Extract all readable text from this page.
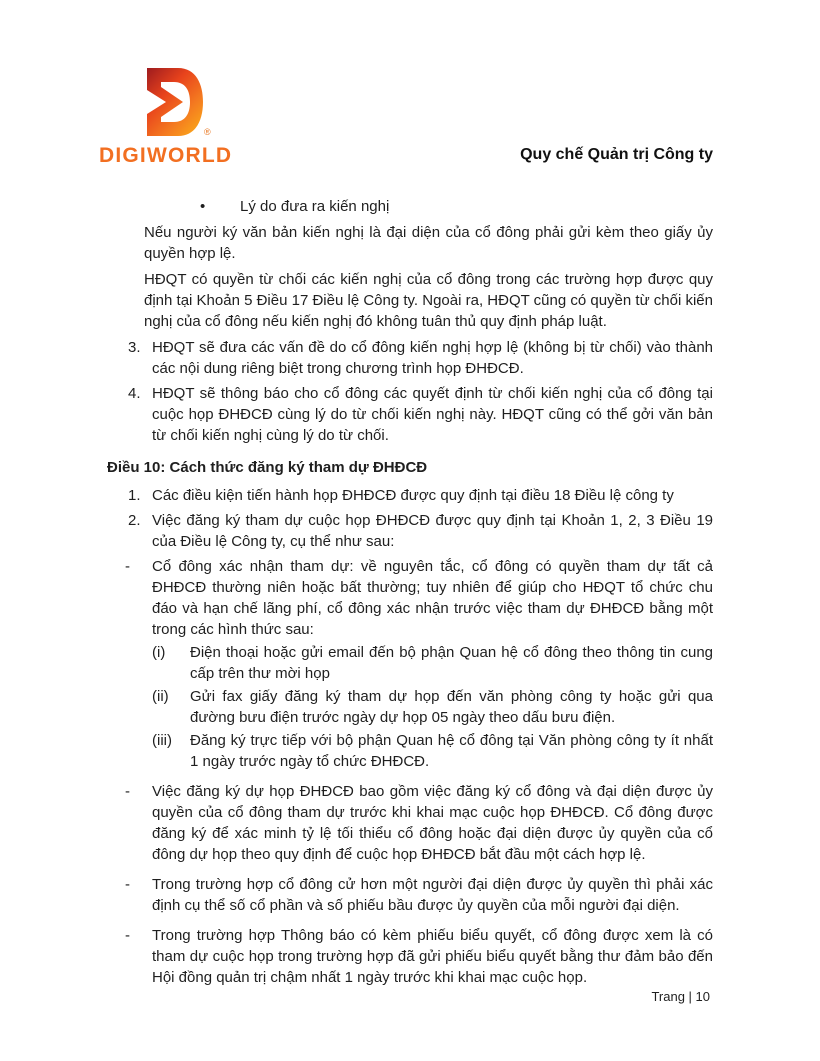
®
DIGIWORLD	Quy chế Quản trị Công ty
• Lý do đưa ra kiến nghị

Nếu người ký văn bản kiến nghị là đại diện của cổ đông phải gửi kèm theo giấy ủy quyền hợp lệ.

HĐQT có quyền từ chối các kiến nghị của cổ đông trong các trường hợp được quy định tại Khoản 5 Điều 17 Điều lệ Công ty. Ngoài ra, HĐQT cũng có quyền từ chối kiến nghị của cổ đông nếu kiến nghị đó không tuân thủ quy định pháp luật.

3. HĐQT sẽ đưa các vấn đề do cổ đông kiến nghị hợp lệ (không bị từ chối) vào thành các nội dung riêng biệt trong chương trình họp ĐHĐCĐ.
4. HĐQT sẽ thông báo cho cổ đông các quyết định từ chối kiến nghị của cổ đông tại cuộc họp ĐHĐCĐ cùng lý do từ chối kiến nghị này. HĐQT cũng có thể gởi văn bản từ chối kiến nghị cùng lý do từ chối.
Điều 10: Cách thức đăng ký tham dự ĐHĐCĐ
1. Các điều kiện tiến hành họp ĐHĐCĐ được quy định tại điều 18 Điều lệ công ty
2. Việc đăng ký tham dự cuộc họp ĐHĐCĐ được quy định tại Khoản 1, 2, 3 Điều 19 của Điều lệ Công ty, cụ thể như sau:
-	Cổ đông xác nhận tham dự: về nguyên tắc, cổ đông có quyền tham dự tất cả ĐHĐCĐ thường niên hoặc bất thường; tuy nhiên để giúp cho HĐQT tổ chức chu đáo và hạn chế lãng phí, cổ đông xác nhận trước việc tham dự ĐHĐCĐ bằng một trong các hình thức sau:
(i)	Điện thoại hoặc gửi email đến bộ phận Quan hệ cổ đông theo thông tin cung cấp trên thư mời họp
(ii)	Gửi fax giấy đăng ký tham dự họp đến văn phòng công ty hoặc gửi qua đường bưu điện trước ngày dự họp 05 ngày theo dấu bưu điện.
(iii)	Đăng ký trực tiếp với bộ phận Quan hệ cổ đông tại Văn phòng công ty ít nhất 1 ngày trước ngày tổ chức ĐHĐCĐ.
-	Việc đăng ký dự họp ĐHĐCĐ bao gồm việc đăng ký cổ đông và đại diện được ủy quyền của cổ đông tham dự trước khi khai mạc cuộc họp ĐHĐCĐ. Cổ đông được đăng ký để xác minh tỷ lệ tối thiểu cổ đông hoặc đại diện được ủy quyền của cổ đông dự họp theo quy định để cuộc họp ĐHĐCĐ bắt đầu một cách hợp lệ.
-	Trong trường hợp cổ đông cử hơn một người đại diện được ủy quyền thì phải xác định cụ thể số cổ phần và số phiếu bầu được ủy quyền của mỗi người đại diện.
-	Trong trường hợp Thông báo có kèm phiếu biểu quyết, cổ đông được xem là có tham dự cuộc họp trong trường hợp đã gửi phiếu biểu quyết bằng thư đảm bảo đến Hội đồng quản trị chậm nhất 1 ngày trước khi khai mạc cuộc họp.
Trang | 10
